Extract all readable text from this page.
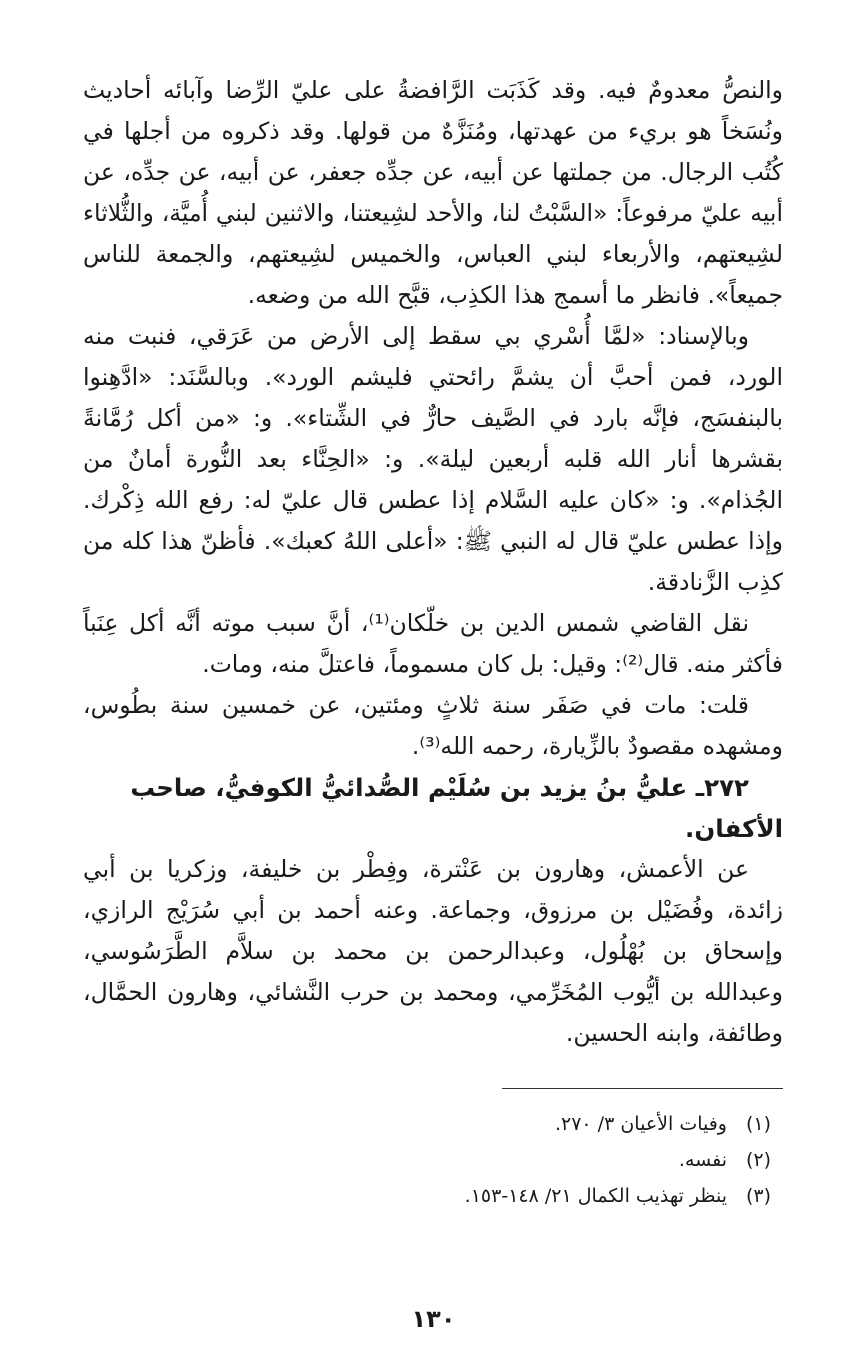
والنصُّ معدومٌ فيه. وقد كَذَبَت الرَّافضةُ على عليّ الرِّضا وآبائه أحاديث ونُسَخاً هو بريء من عهدتها، ومُنَزَّهٌ من قولها. وقد ذكروه من أجلها في كُتُب الرجال. من جملتها عن أبيه، عن جدِّه جعفر، عن أبيه، عن جدِّه، عن أبيه عليّ مرفوعاً: «السَّبْتُ لنا، والأحد لشِيعتنا، والاثنين لبني أُميَّة، والثُّلاثاء لشِيعتهم، والأربعاء لبني العباس، والخميس لشِيعتهم، والجمعة للناس جميعاً». فانظر ما أسمج هذا الكذِب، قبَّح الله من وضعه.

وبالإسناد: «لمَّا أُسْري بي سقط إلى الأرض من عَرَقي، فنبت منه الورد، فمن أحبَّ أن يشمَّ رائحتي فليشم الورد». وبالسَّنَد: «ادَّهِنوا بالبنفسَج، فإنَّه بارد في الصَّيف حارٌّ في الشِّتاء». و: «من أكل رُمَّانةً بقشرها أنار الله قلبه أربعين ليلة». و: «الحِنَّاء بعد النُّورة أمانٌ من الجُذام». و: «كان عليه السَّلام إذا عطس قال عليّ له: رفع الله ذِكْرك. وإذا عطس عليّ قال له النبي ﷺ: «أعلى اللهُ كعبك». فأظنّ هذا كله من كذِب الزَّنادقة.

نقل القاضي شمس الدين بن خلّكان⁽¹⁾، أنَّ سبب موته أنَّه أكل عِنَباً فأكثر منه. قال⁽²⁾: وقيل: بل كان مسموماً، فاعتلَّ منه، ومات.

قلت: مات في صَفَر سنة ثلاثٍ ومئتين، عن خمسين سنة بطُوس، ومشهده مقصودٌ بالزِّيارة، رحمه الله⁽³⁾.

٢٧٢ـ عليُّ بنُ يزيد بن سُلَيْم الصُّدائيُّ الكوفيُّ، صاحب الأكفان.

عن الأعمش، وهارون بن عَنْترة، وفِطْر بن خليفة، وزكريا بن أبي زائدة، وفُضَيْل بن مرزوق، وجماعة. وعنه أحمد بن أبي سُرَيْج الرازي، وإسحاق بن بُهْلُول، وعبدالرحمن بن محمد بن سلاَّم الطَّرَسُوسي، وعبدالله بن أيُّوب المُخَرِّمي، ومحمد بن حرب النَّشائي، وهارون الحمَّال، وطائفة، وابنه الحسين.

(١)وفيات الأعيان ٣/ ٢٧٠.

(٢)نفسه.

(٣)ينظر تهذيب الكمال ٢١/ ١٤٨-١٥٣.

١٣٠
